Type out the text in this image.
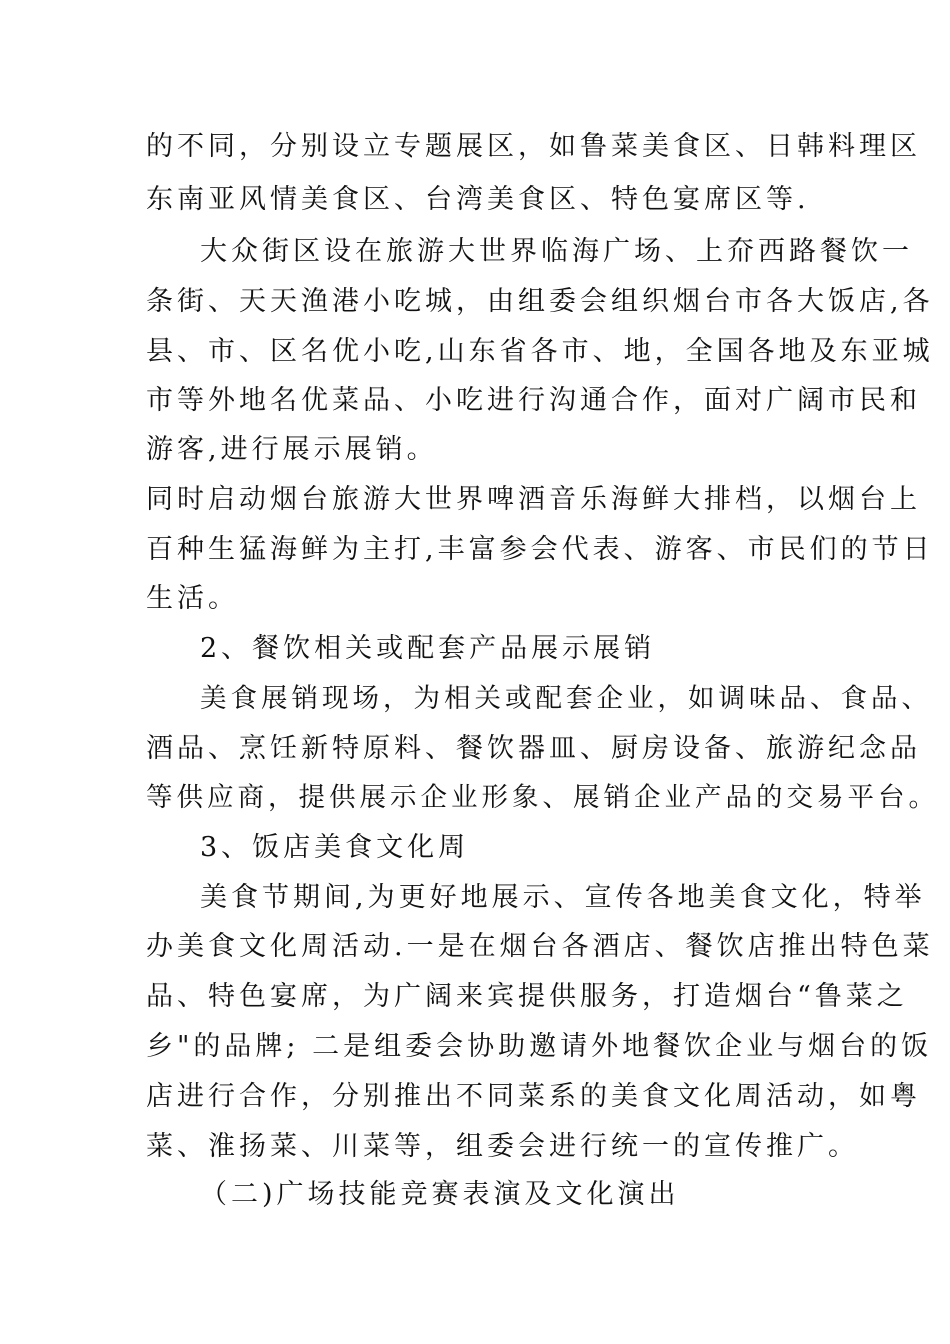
的不同，分别设立专题展区，如鲁菜美食区、日韩料理区
东南亚风情美食区、台湾美食区、特色宴席区等.
大众街区设在旅游大世界临海广场、上夼西路餐饮一
条街、天天渔港小吃城，由组委会组织烟台市各大饭店,各
县、市、区名优小吃,山东省各市、地，全国各地及东亚城
市等外地名优菜品、小吃进行沟通合作，面对广阔市民和
游客,进行展示展销。
同时启动烟台旅游大世界啤酒音乐海鲜大排档，以烟台上
百种生猛海鲜为主打,丰富参会代表、游客、市民们的节日
生活。
2、餐饮相关或配套产品展示展销
美食展销现场，为相关或配套企业，如调味品、食品、
酒品、烹饪新特原料、餐饮器皿、厨房设备、旅游纪念品
等供应商，提供展示企业形象、展销企业产品的交易平台。
3、饭店美食文化周
美食节期间,为更好地展示、宣传各地美食文化，特举
办美食文化周活动.一是在烟台各酒店、餐饮店推出特色菜
品、特色宴席，为广阔来宾提供服务，打造烟台“鲁菜之
乡"的品牌; 二是组委会协助邀请外地餐饮企业与烟台的饭
店进行合作，分别推出不同菜系的美食文化周活动，如粤
菜、淮扬菜、川菜等，组委会进行统一的宣传推广。
（二)广场技能竞赛表演及文化演出
